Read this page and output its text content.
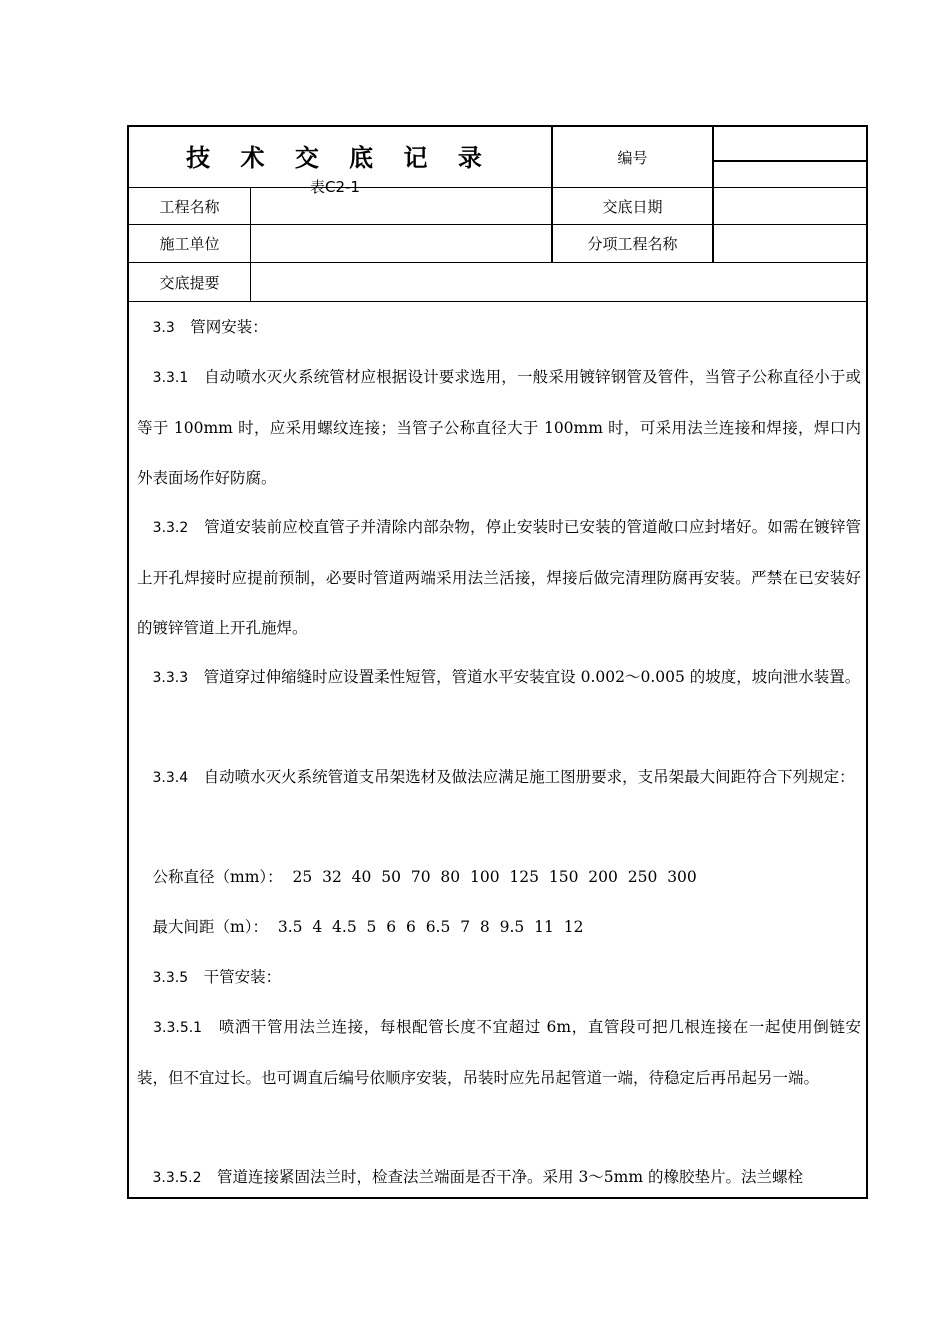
技 术 交 底 记 录
表C2-1
编号
工程名称	交底日期
施工单位	分项工程名称
交底提要
　3.3　 管网安装：
　3.3.1　 自动喷水灭火系统管材应根据设计要求选用，一般采用镀锌钢管及管件，当管子公称直径小于或等于 100mm 时，应采用螺纹连接；当管子公称直径大于 100mm 时，可采用法兰连接和焊接，焊口内外表面场作好防腐。
　3.3.2　 管道安装前应校直管子并清除内部杂物，停止安装时已安装的管道敞口应封堵好。如需在镀锌管上开孔焊接时应提前预制，必要时管道两端采用法兰活接，焊接后做完清理防腐再安装。严禁在已安装好的镀锌管道上开孔施焊。
　3.3.3　 管道穿过伸缩缝时应设置柔性短管，管道水平安装宜设 0.002～0.005 的坡度，坡向泄水装置。
　3.3.4　 自动喷水灭火系统管道支吊架选材及做法应满足施工图册要求，支吊架最大间距符合下列规定：
　公称直径（mm）： 25  32  40  50  70  80  100  125  150  200  250  300
　最大间距（m）： 3.5  4  4.5  5  6  6  6.5  7  8  9.5  11  12
　3.3.5　 干管安装：
　3.3.5.1　 喷洒干管用法兰连接，每根配管长度不宜超过 6m，直管段可把几根连接在一起使用倒链安装，但不宜过长。也可调直后编号依顺序安装，吊装时应先吊起管道一端，待稳定后再吊起另一端。
　3.3.5.2　 管道连接紧固法兰时，检查法兰端面是否干净。采用 3～5mm 的橡胶垫片。法兰螺栓
